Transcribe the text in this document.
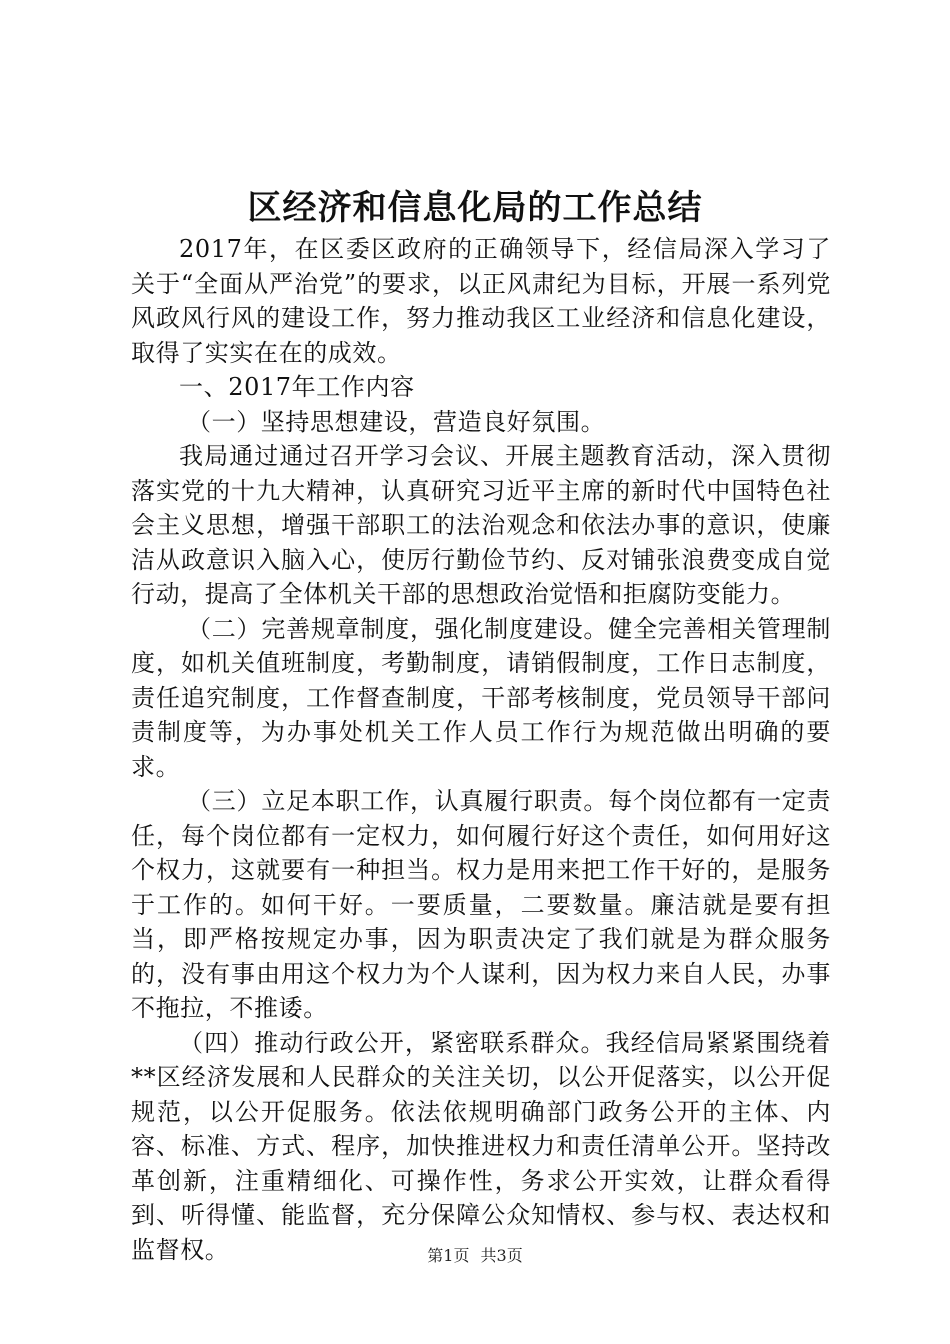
区经济和信息化局的工作总结

2017年，在区委区政府的正确领导下，经信局深入学习了关于“全面从严治党”的要求，以正风肃纪为目标，开展一系列党风政风行风的建设工作，努力推动我区工业经济和信息化建设，取得了实实在在的成效。

一、2017年工作内容

（一）坚持思想建设，营造良好氛围。

我局通过通过召开学习会议、开展主题教育活动，深入贯彻落实党的十九大精神，认真研究习近平主席的新时代中国特色社会主义思想，增强干部职工的法治观念和依法办事的意识，使廉洁从政意识入脑入心，使厉行勤俭节约、反对铺张浪费变成自觉行动，提高了全体机关干部的思想政治觉悟和拒腐防变能力。

（二）完善规章制度，强化制度建设。健全完善相关管理制度，如机关值班制度，考勤制度，请销假制度，工作日志制度，责任追究制度，工作督查制度，干部考核制度，党员领导干部问责制度等，为办事处机关工作人员工作行为规范做出明确的要求。

（三）立足本职工作，认真履行职责。每个岗位都有一定责任，每个岗位都有一定权力，如何履行好这个责任，如何用好这个权力，这就要有一种担当。权力是用来把工作干好的，是服务于工作的。如何干好。一要质量，二要数量。廉洁就是要有担当，即严格按规定办事，因为职责决定了我们就是为群众服务的，没有事由用这个权力为个人谋利，因为权力来自人民，办事不拖拉，不推诿。

（四）推动行政公开，紧密联系群众。我经信局紧紧围绕着**区经济发展和人民群众的关注关切，以公开促落实，以公开促规范，以公开促服务。依法依规明确部门政务公开的主体、内容、标准、方式、程序，加快推进权力和责任清单公开。坚持改革创新，注重精细化、可操作性，务求公开实效，让群众看得到、听得懂、能监督，充分保障公众知情权、参与权、表达权和监督权。	第1页 共3页
